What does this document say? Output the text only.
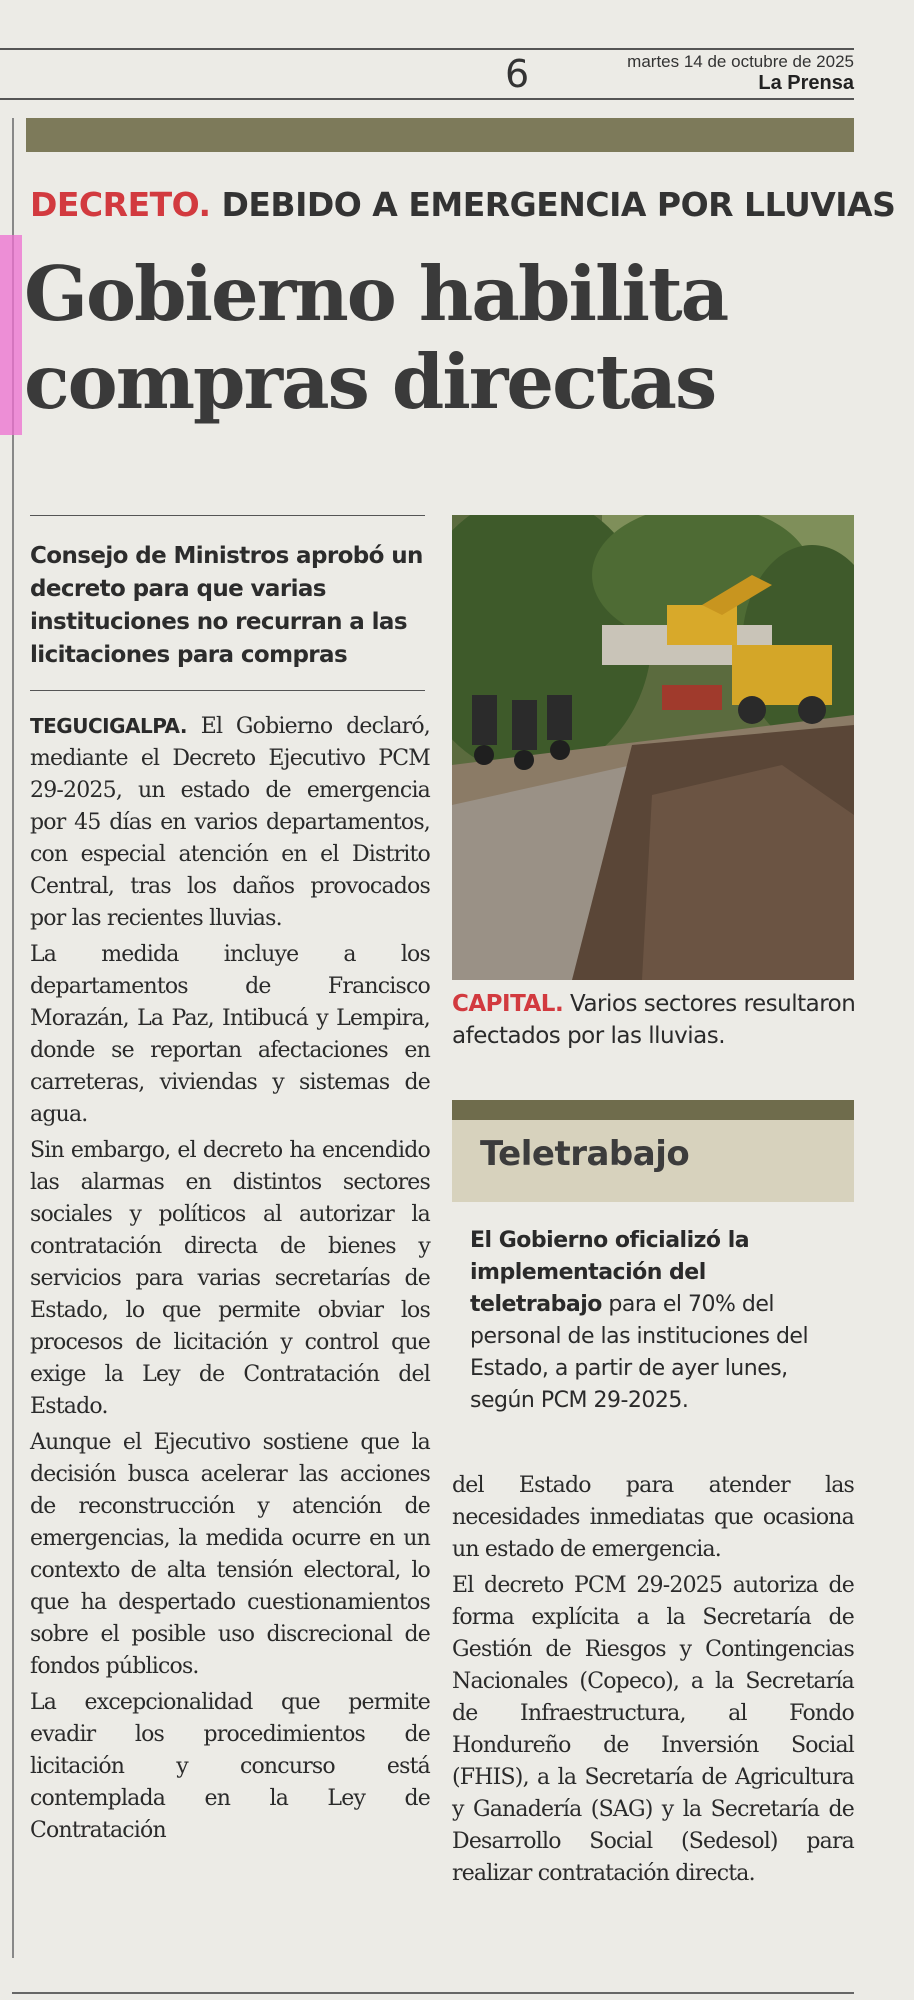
6	martes 14 de octubre de 2025
La Prensa
DECRETO. DEBIDO A EMERGENCIA POR LLUVIAS
Gobierno habilita
compras directas
Consejo de Ministros aprobó un decreto para que varias instituciones no recurran a las licitaciones para compras

TEGUCIGALPA. El Gobierno declaró, mediante el Decreto Ejecutivo PCM 29-2025, un estado de emergencia por 45 días en varios departamentos, con especial atención en el Distrito Central, tras los daños provocados por las recientes lluvias.

La medida incluye a los departamentos de Francisco Morazán, La Paz, Intibucá y Lempira, donde se reportan afectaciones en carreteras, viviendas y sistemas de agua.

Sin embargo, el decreto ha encendido las alarmas en distintos sectores sociales y políticos al autorizar la contratación directa de bienes y servicios para varias secretarías de Estado, lo que permite obviar los procesos de licitación y control que exige la Ley de Contratación del Estado.

Aunque el Ejecutivo sostiene que la decisión busca acelerar las acciones de reconstrucción y atención de emergencias, la medida ocurre en un contexto de alta tensión electoral, lo que ha despertado cuestionamientos sobre el posible uso discrecional de fondos públicos.

La excepcionalidad que permite evadir los procedimientos de licitación y concurso está contemplada en la Ley de Contratación

CAPITAL. Varios sectores resultaron afectados por las lluvias.
Teletrabajo
El Gobierno oficializó la implementación del teletrabajo para el 70% del personal de las instituciones del Estado, a partir de ayer lunes, según PCM 29-2025.

del Estado para atender las necesidades inmediatas que ocasiona un estado de emergencia.

El decreto PCM 29-2025 autoriza de forma explícita a la Secretaría de Gestión de Riesgos y Contingencias Nacionales (Copeco), a la Secretaría de Infraestructura, al Fondo Hondureño de Inversión Social (FHIS), a la Secretaría de Agricultura y Ganadería (SAG) y la Secretaría de Desarrollo Social (Sedesol) para realizar contratación directa.
